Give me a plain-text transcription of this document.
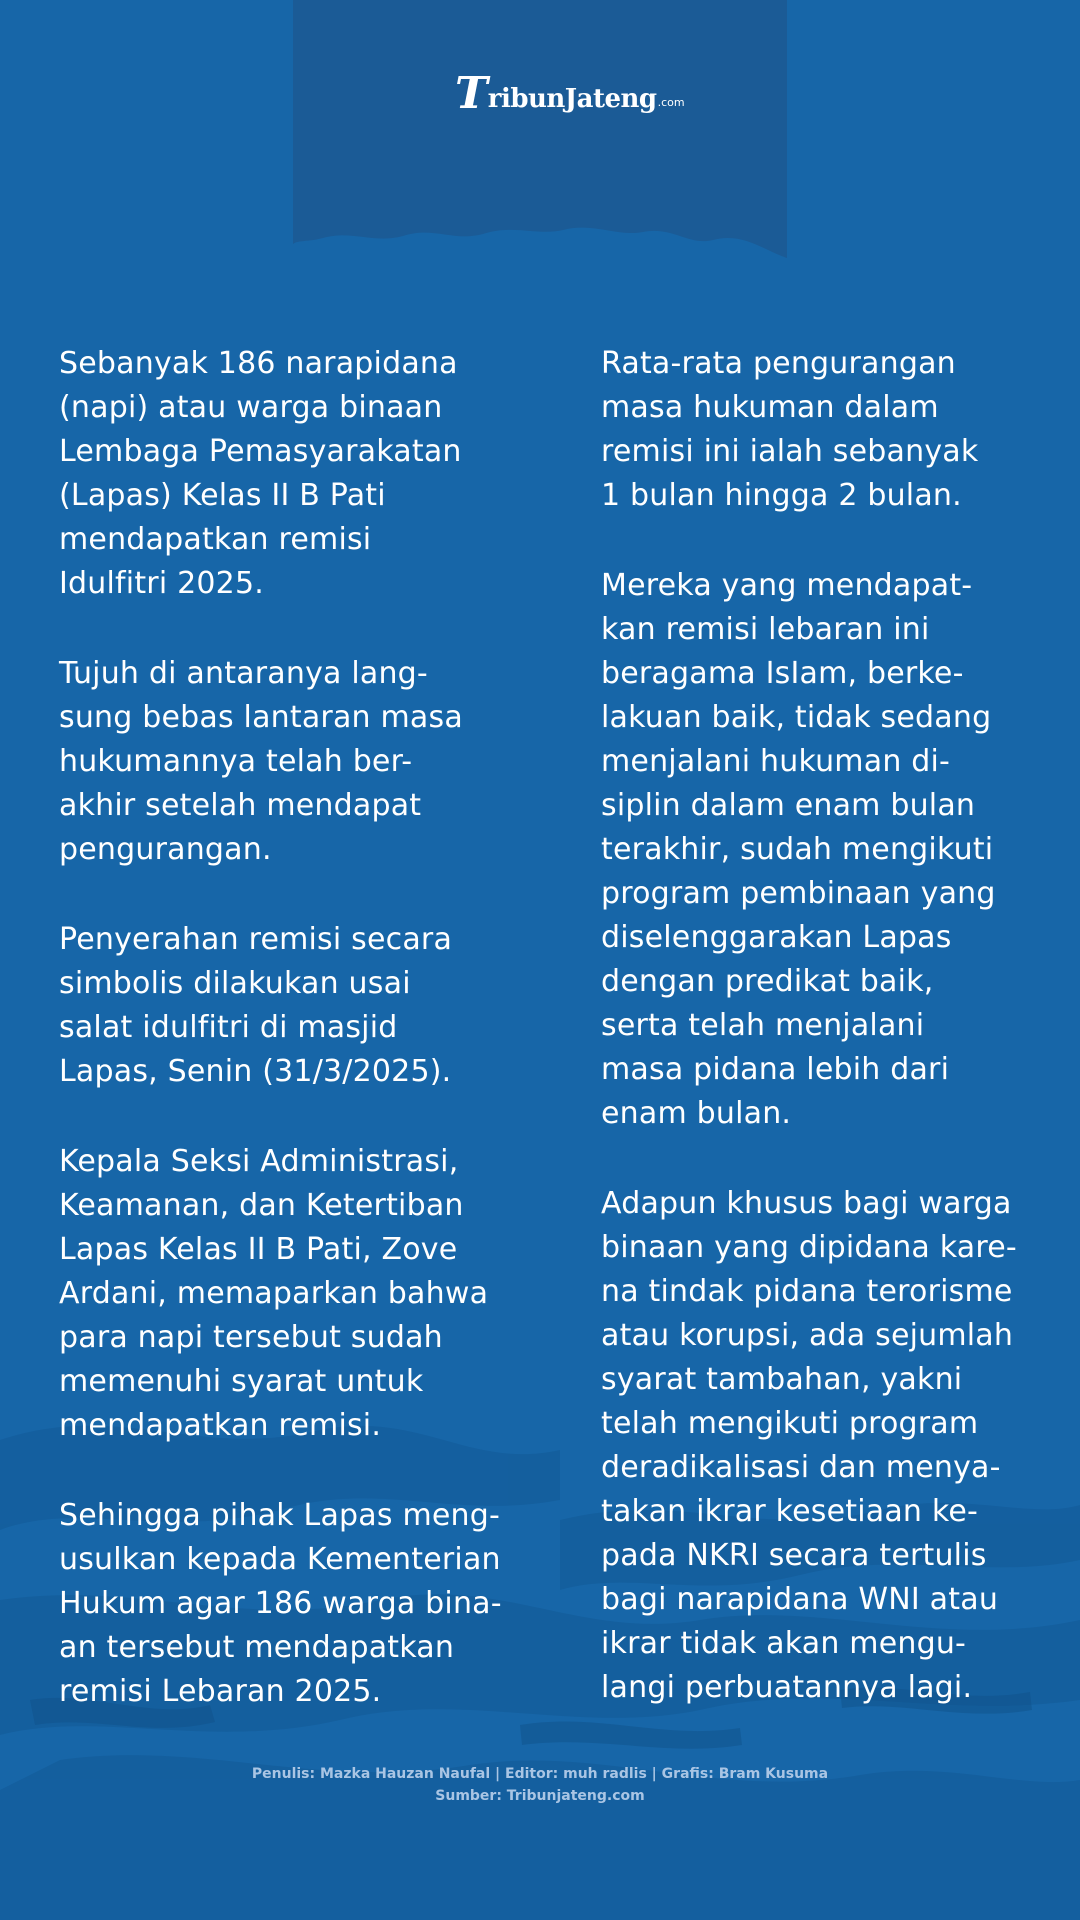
T ribunJateng .com

Sebanyak 186 narapidana
(napi) atau warga binaan
Lembaga Pemasyarakatan
(Lapas) Kelas II B Pati
mendapatkan remisi
Idulfitri 2025.

Tujuh di antaranya lang-
sung bebas lantaran masa
hukumannya telah ber-
akhir setelah mendapat
pengurangan.

Penyerahan remisi secara
simbolis dilakukan usai
salat idulfitri di masjid
Lapas, Senin (31/3/2025).

Kepala Seksi Administrasi,
Keamanan, dan Ketertiban
Lapas Kelas II B Pati, Zove
Ardani, memaparkan bahwa
para napi tersebut sudah
memenuhi syarat untuk
mendapatkan remisi.

Sehingga pihak Lapas meng-
usulkan kepada Kementerian
Hukum agar 186 warga bina-
an tersebut mendapatkan
remisi Lebaran 2025.

Rata-rata pengurangan
masa hukuman dalam
remisi ini ialah sebanyak
1 bulan hingga 2 bulan.

Mereka yang mendapat-
kan remisi lebaran ini
beragama IsIam, berke-
lakuan baik, tidak sedang
menjalani hukuman di-
siplin dalam enam bulan
terakhir, sudah mengikuti
program pembinaan yang
diselenggarakan Lapas
dengan predikat baik,
serta telah menjalani
masa pidana lebih dari
enam bulan.

Adapun khusus bagi warga
binaan yang dipidana kare-
na tindak pidana terorisme
atau korupsi, ada sejumlah
syarat tambahan, yakni
telah mengikuti program
deradikalisasi dan menya-
takan ikrar kesetiaan ke-
pada NKRI secara tertulis
bagi narapidana WNI atau
ikrar tidak akan mengu-
langi perbuatannya lagi.

Penulis: Mazka Hauzan Naufal | Editor: muh radlis | Grafis: Bram Kusuma
Sumber: Tribunjateng.com
